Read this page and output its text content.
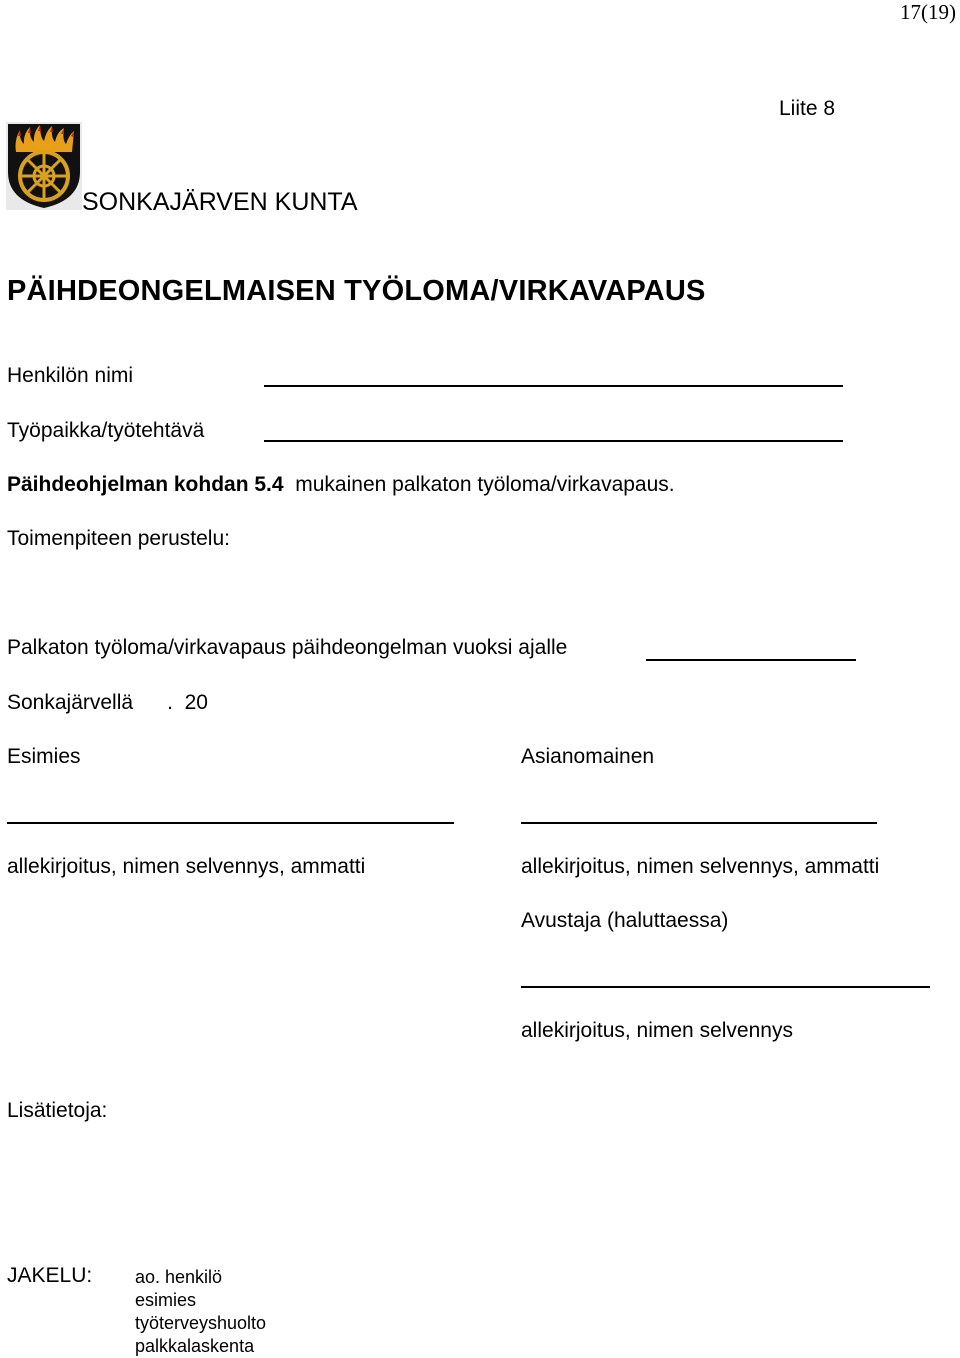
17(19)
Liite 8
SONKAJÄRVEN KUNTA
PÄIHDEONGELMAISEN TYÖLOMA/VIRKAVAPAUS
Henkilön nimi
Työpaikka/työtehtävä
Päihdeohjelman kohdan 5.4 mukainen palkaton työloma/virkavapaus.
Toimenpiteen perustelu:
Palkaton työloma/virkavapaus päihdeongelman vuoksi ajalle
Sonkajärvellä . 20
Esimies	Asianomainen
allekirjoitus, nimen selvennys, ammatti	allekirjoitus, nimen selvennys, ammatti
Avustaja (haluttaessa)
allekirjoitus, nimen selvennys
Lisätietoja:
JAKELU: ao. henkilö
esimies
työterveyshuolto
palkkalaskenta
